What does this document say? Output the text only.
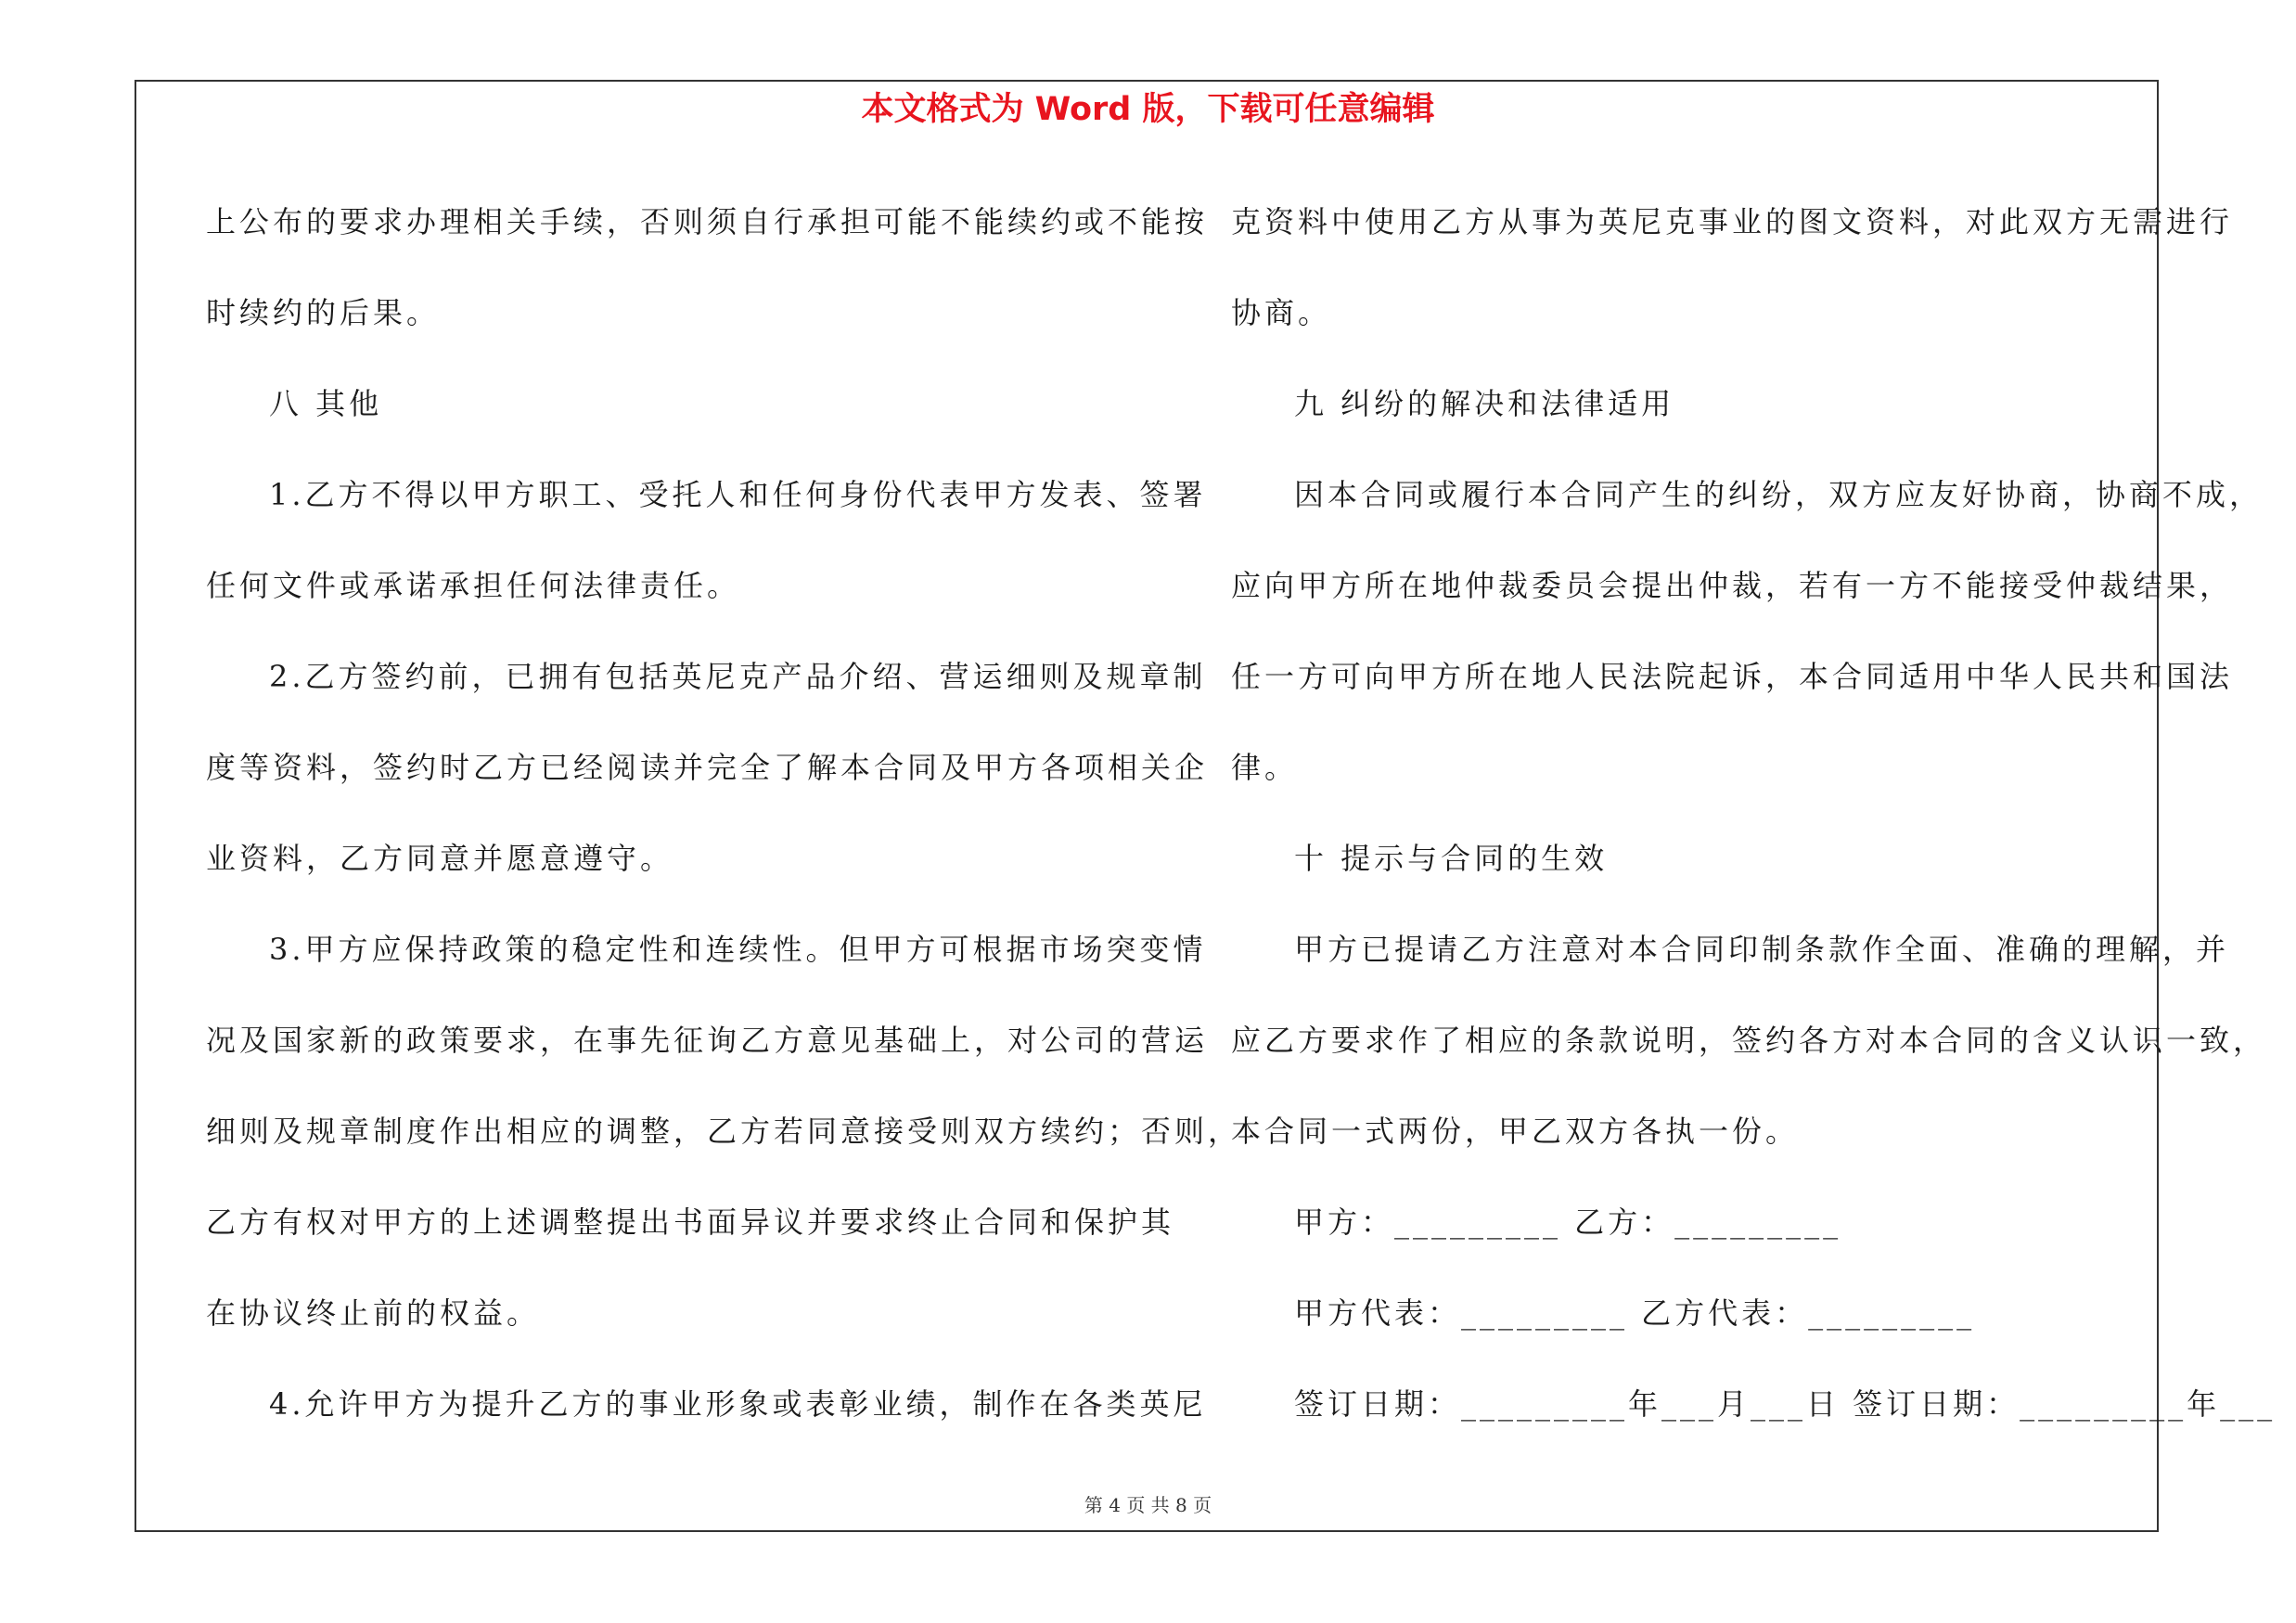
本文格式为 Word 版，下载可任意编辑
上公布的要求办理相关手续，否则须自行承担可能不能续约或不能按
时续约的后果。
八 其他
1.乙方不得以甲方职工、受托人和任何身份代表甲方发表、签署
任何文件或承诺承担任何法律责任。
2.乙方签约前，已拥有包括英尼克产品介绍、营运细则及规章制
度等资料，签约时乙方已经阅读并完全了解本合同及甲方各项相关企
业资料，乙方同意并愿意遵守。
3.甲方应保持政策的稳定性和连续性。但甲方可根据市场突变情
况及国家新的政策要求，在事先征询乙方意见基础上，对公司的营运
细则及规章制度作出相应的调整，乙方若同意接受则双方续约；否则，
乙方有权对甲方的上述调整提出书面异议并要求终止合同和保护其
在协议终止前的权益。
4.允许甲方为提升乙方的事业形象或表彰业绩，制作在各类英尼
克资料中使用乙方从事为英尼克事业的图文资料，对此双方无需进行
协商。
九 纠纷的解决和法律适用
因本合同或履行本合同产生的纠纷，双方应友好协商，协商不成，
应向甲方所在地仲裁委员会提出仲裁，若有一方不能接受仲裁结果，
任一方可向甲方所在地人民法院起诉，本合同适用中华人民共和国法
律。
十 提示与合同的生效
甲方已提请乙方注意对本合同印制条款作全面、准确的理解，并
应乙方要求作了相应的条款说明，签约各方对本合同的含义认识一致，
本合同一式两份，甲乙双方各执一份。
甲方：_________ 乙方：_________
甲方代表：_________ 乙方代表：_________
签订日期：_________年___月___日 签订日期：_________年___
第 4 页 共 8 页
